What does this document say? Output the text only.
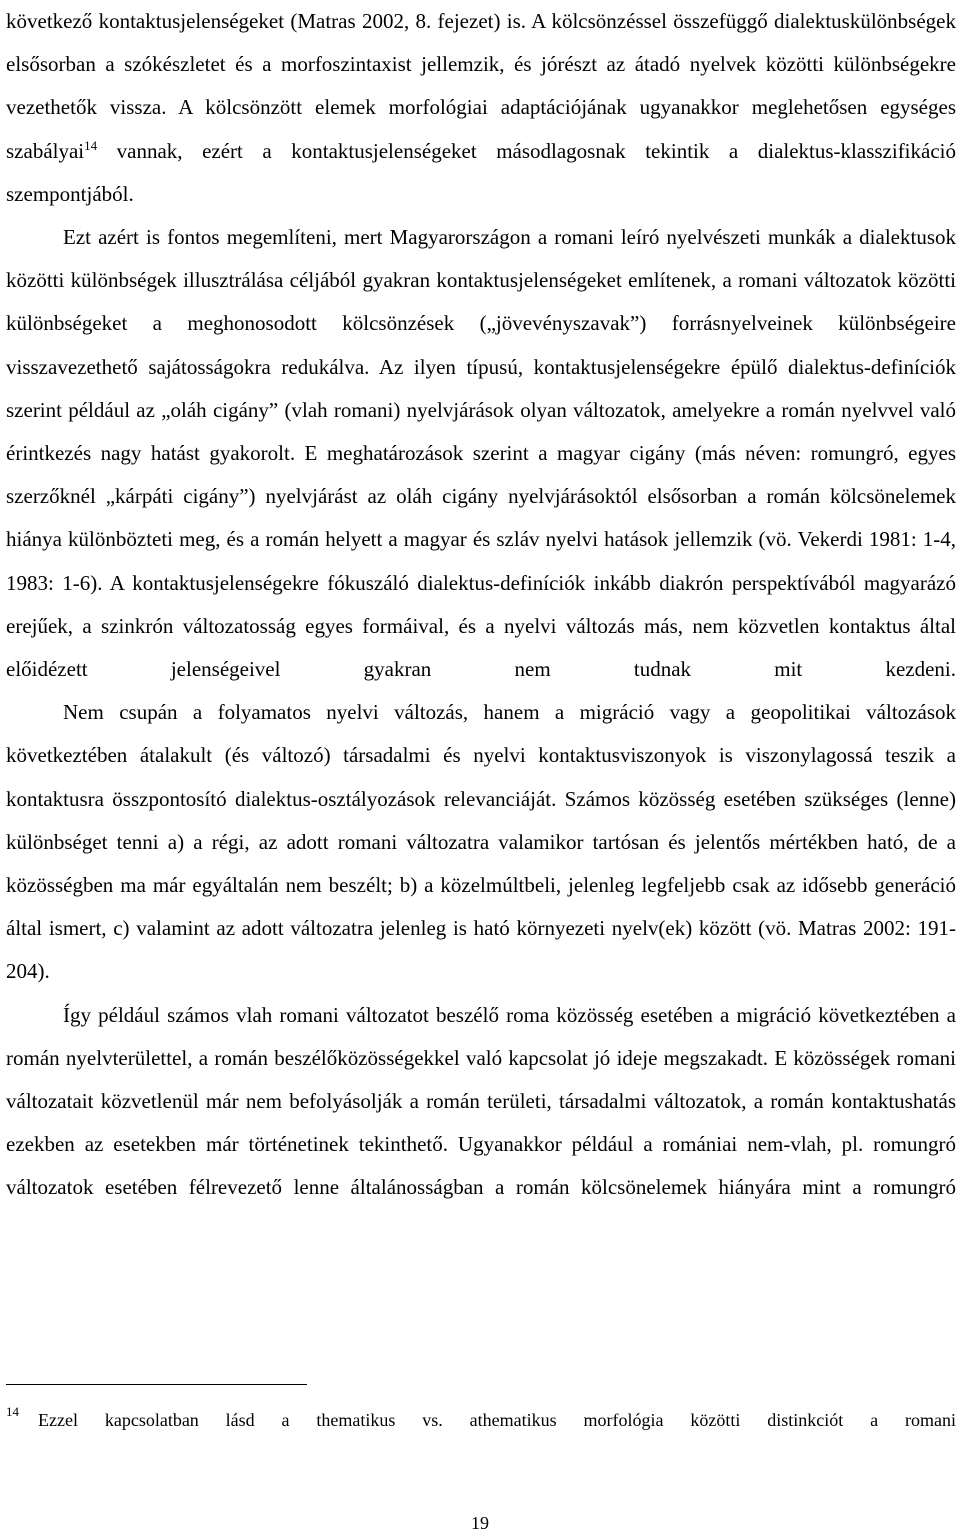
következő kontaktusjelenségeket (Matras 2002, 8. fejezet) is. A kölcsönzéssel összefüggő dialektuskülönbségek elsősorban a szókészletet és a morfoszintaxist jellemzik, és jórészt az átadó nyelvek közötti különbségekre vezethetők vissza. A kölcsönzött elemek morfológiai adaptációjának ugyanakkor meglehetősen egységes szabályai$^{14}$ vannak, ezért a kontaktusjelenségeket másodlagosnak tekintik a dialektus-klasszifikáció szempontjából.

Ezt azért is fontos megemlíteni, mert Magyarországon a romani leíró nyelvészeti munkák a dialektusok közötti különbségek illusztrálása céljából gyakran kontaktusjelenségeket említenek, a romani változatok közötti különbségeket a meghonosodott kölcsönzések („jövevényszavak”) forrásnyelveinek különbségeire visszavezethető sajátosságokra redukálva. Az ilyen típusú, kontaktusjelenségekre épülő dialektus-definíciók szerint például az „oláh cigány” (vlah romani) nyelvjárások olyan változatok, amelyekre a román nyelvvel való érintkezés nagy hatást gyakorolt. E meghatározások szerint a magyar cigány (más néven: romungró, egyes szerzőknél „kárpáti cigány”) nyelvjárást az oláh cigány nyelvjárásoktól elsősorban a román kölcsönelemek hiánya különbözteti meg, és a román helyett a magyar és szláv nyelvi hatások jellemzik (vö. Vekerdi 1981: 1-4, 1983: 1-6). A kontaktusjelenségekre fókuszáló dialektus-definíciók inkább diakrón perspektívából magyarázó erejűek, a szinkrón változatosság egyes formáival, és a nyelvi változás más, nem közvetlen kontaktus által előidézett jelenségeivel gyakran nem tudnak mit kezdeni.

Nem csupán a folyamatos nyelvi változás, hanem a migráció vagy a geopolitikai változások következtében átalakult (és változó) társadalmi és nyelvi kontaktusviszonyok is viszonylagossá teszik a kontaktusra összpontosító dialektus-osztályozások relevanciáját. Számos közösség esetében szükséges (lenne) különbséget tenni a) a régi, az adott romani változatra valamikor tartósan és jelentős mértékben ható, de a közösségben ma már egyáltalán nem beszélt; b) a közelmúltbeli, jelenleg legfeljebb csak az idősebb generáció által ismert, c) valamint az adott változatra jelenleg is ható környezeti nyelv(ek) között (vö. Matras 2002: 191-204).

Így például számos vlah romani változatot beszélő roma közösség esetében a migráció következtében a román nyelvterülettel, a román beszélőközösségekkel való kapcsolat jó ideje megszakadt. E közösségek romani változatait közvetlenül már nem befolyásolják a román területi, társadalmi változatok, a román kontaktushatás ezekben az esetekben már történetinek tekinthető. Ugyanakkor például a romániai nem-vlah, pl. romungró változatok esetében félrevezető lenne általánosságban a román kölcsönelemek hiányára mint a romungró

14 Ezzel kapcsolatban lásd a thematikus vs. athematikus morfológia közötti distinkciót a romani
19
